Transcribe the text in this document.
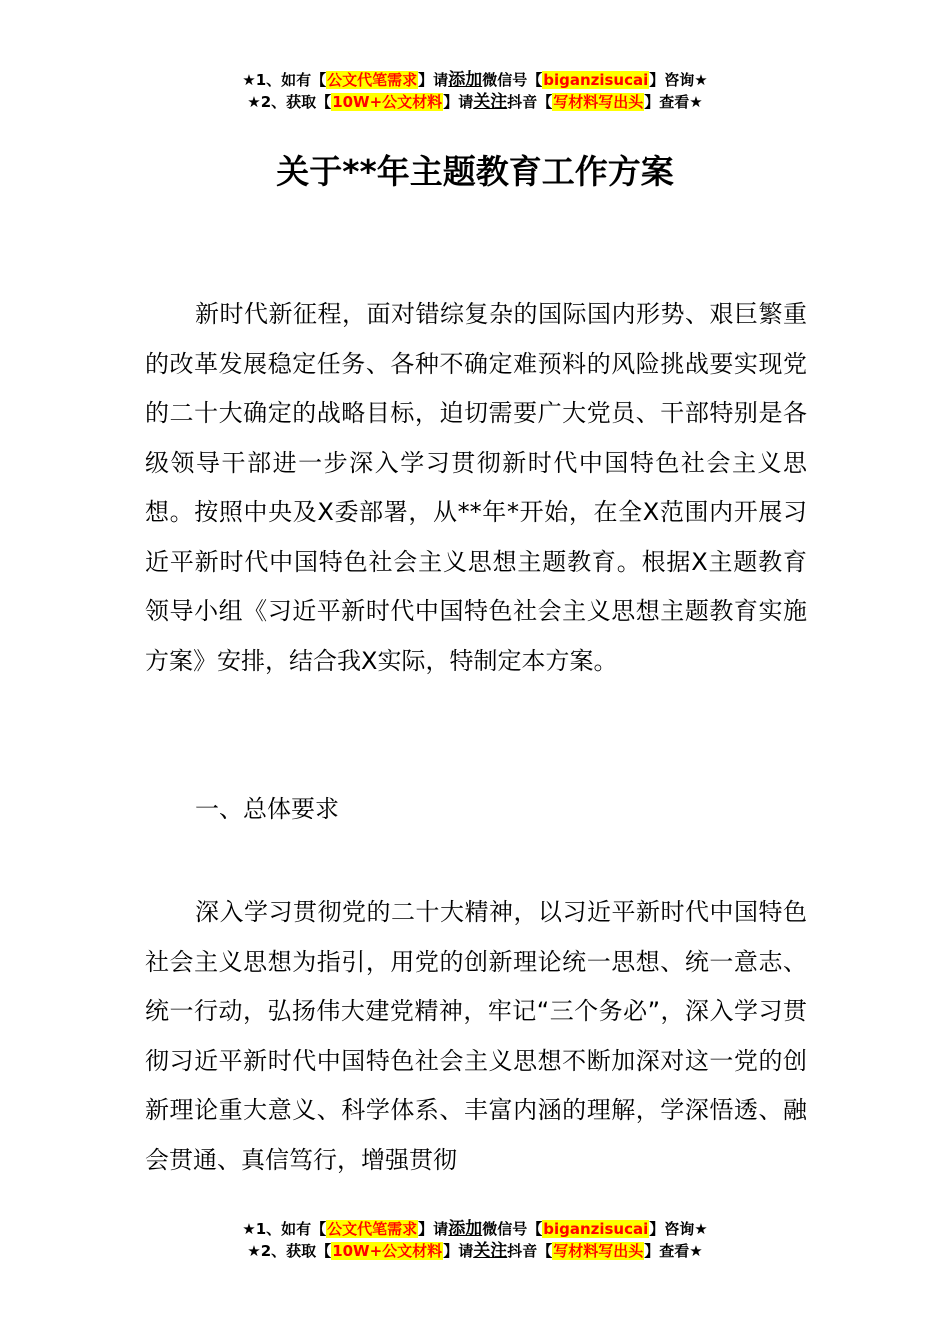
★1、如有【公文代笔需求】请添加微信号【biganzisucai】咨询★
★2、获取【10W+公文材料】请关注抖音【写材料写出头】查看★
关于**年主题教育工作方案

新时代新征程，面对错综复杂的国际国内形势、艰巨繁重的改革发展稳定任务、各种不确定难预料的风险挑战要实现党的二十大确定的战略目标，迫切需要广大党员、干部特别是各级领导干部进一步深入学习贯彻新时代中国特色社会主义思想。按照中央及X委部署，从**年*开始，在全X范围内开展习近平新时代中国特色社会主义思想主题教育。根据X主题教育领导小组《习近平新时代中国特色社会主义思想主题教育实施方案》安排，结合我X实际，特制定本方案。

一、总体要求

深入学习贯彻党的二十大精神，以习近平新时代中国特色社会主义思想为指引，用党的创新理论统一思想、统一意志、统一行动，弘扬伟大建党精神，牢记“三个务必”，深入学习贯彻习近平新时代中国特色社会主义思想不断加深对这一党的创新理论重大意义、科学体系、丰富内涵的理解，学深悟透、融会贯通、真信笃行，增强贯彻

★1、如有【公文代笔需求】请添加微信号【biganzisucai】咨询★
★2、获取【10W+公文材料】请关注抖音【写材料写出头】查看★
